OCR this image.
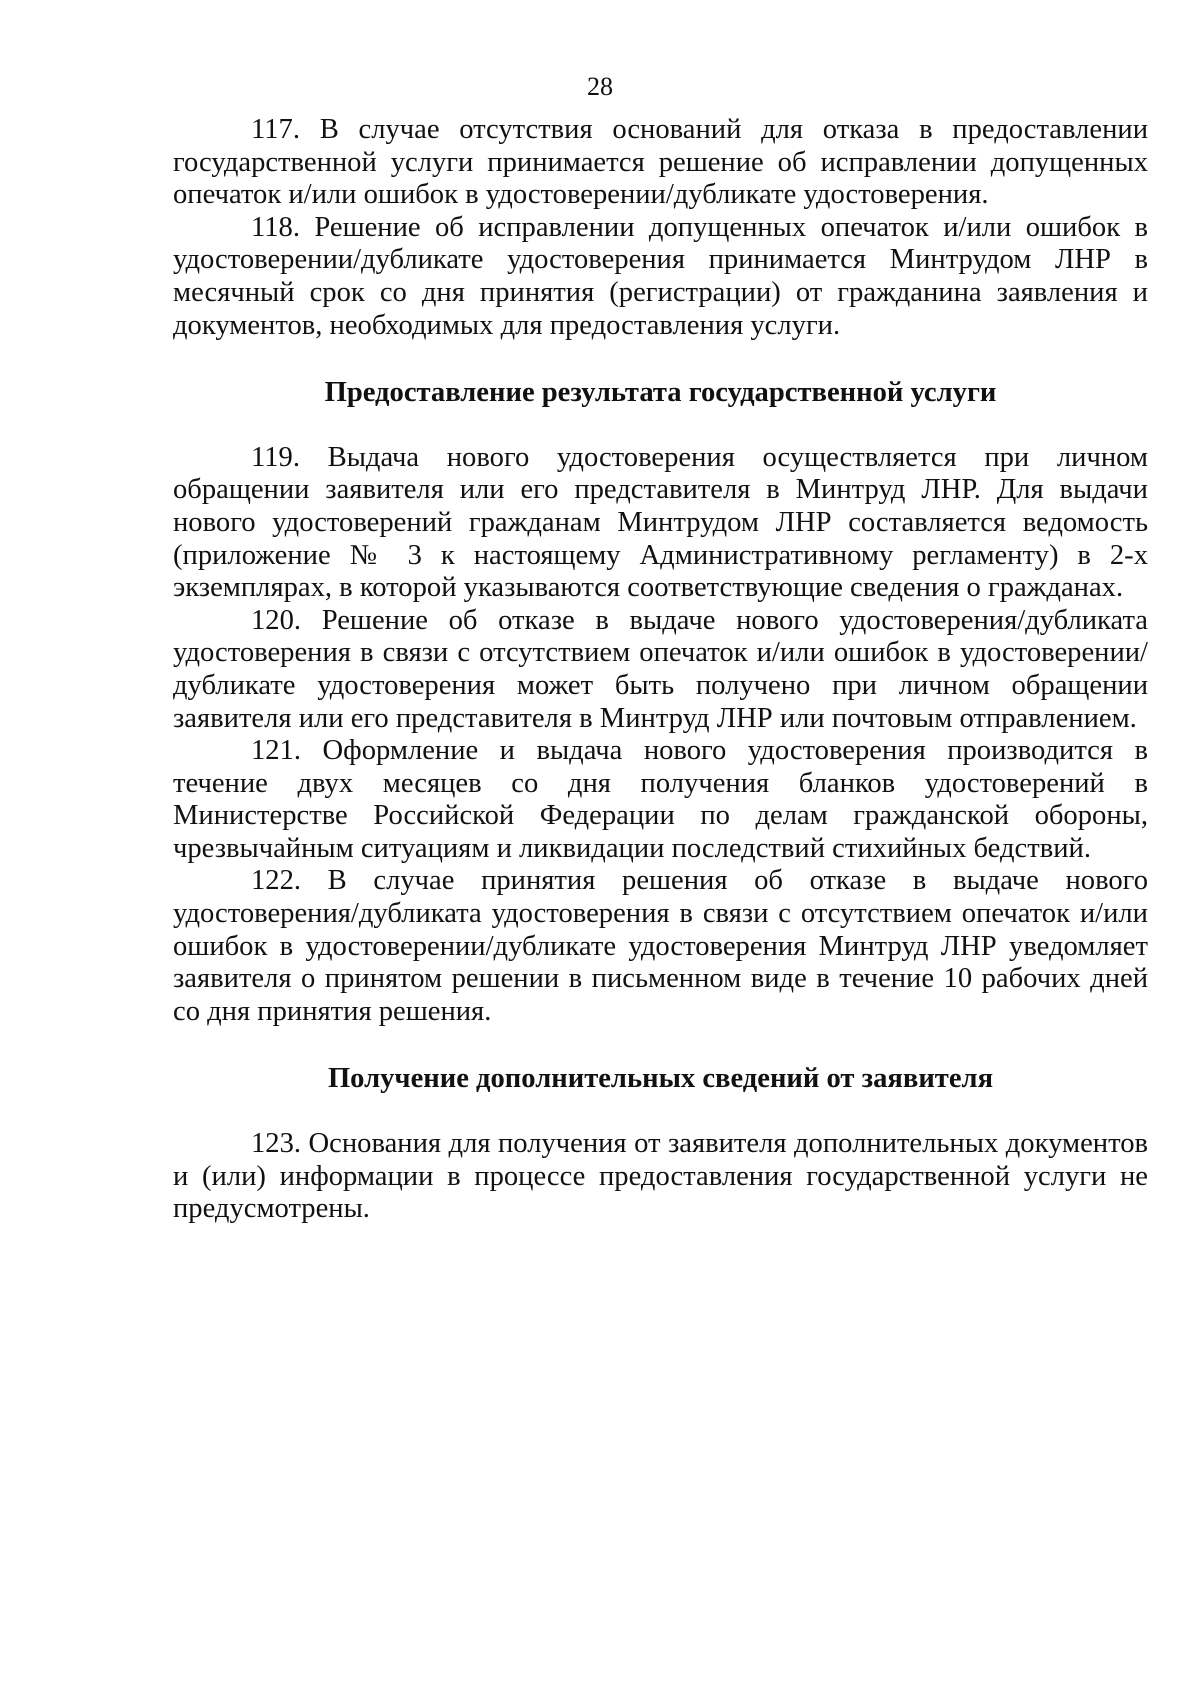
28

117. В случае отсутствия оснований для отказа в предоставлении государственной услуги принимается решение об исправлении допущенных опечаток и/или ошибок в удостоверении/дубликате удостоверения.

118. Решение об исправлении допущенных опечаток и/или ошибок в удостоверении/дубликате удостоверения принимается Минтрудом ЛНР в месячный срок со дня принятия (регистрации) от гражданина заявления и документов, необходимых для предоставления услуги.

Предоставление результата государственной услуги

119. Выдача нового удостоверения осуществляется при личном обращении заявителя или его представителя в Минтруд ЛНР. Для выдачи нового удостоверений гражданам Минтрудом ЛНР составляется ведомость (приложение № 3 к настоящему Административному регламенту) в 2-х экземплярах, в которой указываются соответствующие сведения о гражданах.

120. Решение об отказе в выдаче нового удостоверения/дубликата удостоверения в связи с отсутствием опечаток и/или ошибок в удостоверении/дубликате удостоверения может быть получено при личном обращении заявителя или его представителя в Минтруд ЛНР или почтовым отправлением.

121. Оформление и выдача нового удостоверения производится в течение двух месяцев со дня получения бланков удостоверений в Министерстве Российской Федерации по делам гражданской обороны, чрезвычайным ситуациям и ликвидации последствий стихийных бедствий.

122. В случае принятия решения об отказе в выдаче нового удостоверения/дубликата удостоверения в связи с отсутствием опечаток и/или ошибок в удостоверении/дубликате удостоверения Минтруд ЛНР уведомляет заявителя о принятом решении в письменном виде в течение 10 рабочих дней со дня принятия решения.

Получение дополнительных сведений от заявителя

123. Основания для получения от заявителя дополнительных документов и (или) информации в процессе предоставления государственной услуги не предусмотрены.
